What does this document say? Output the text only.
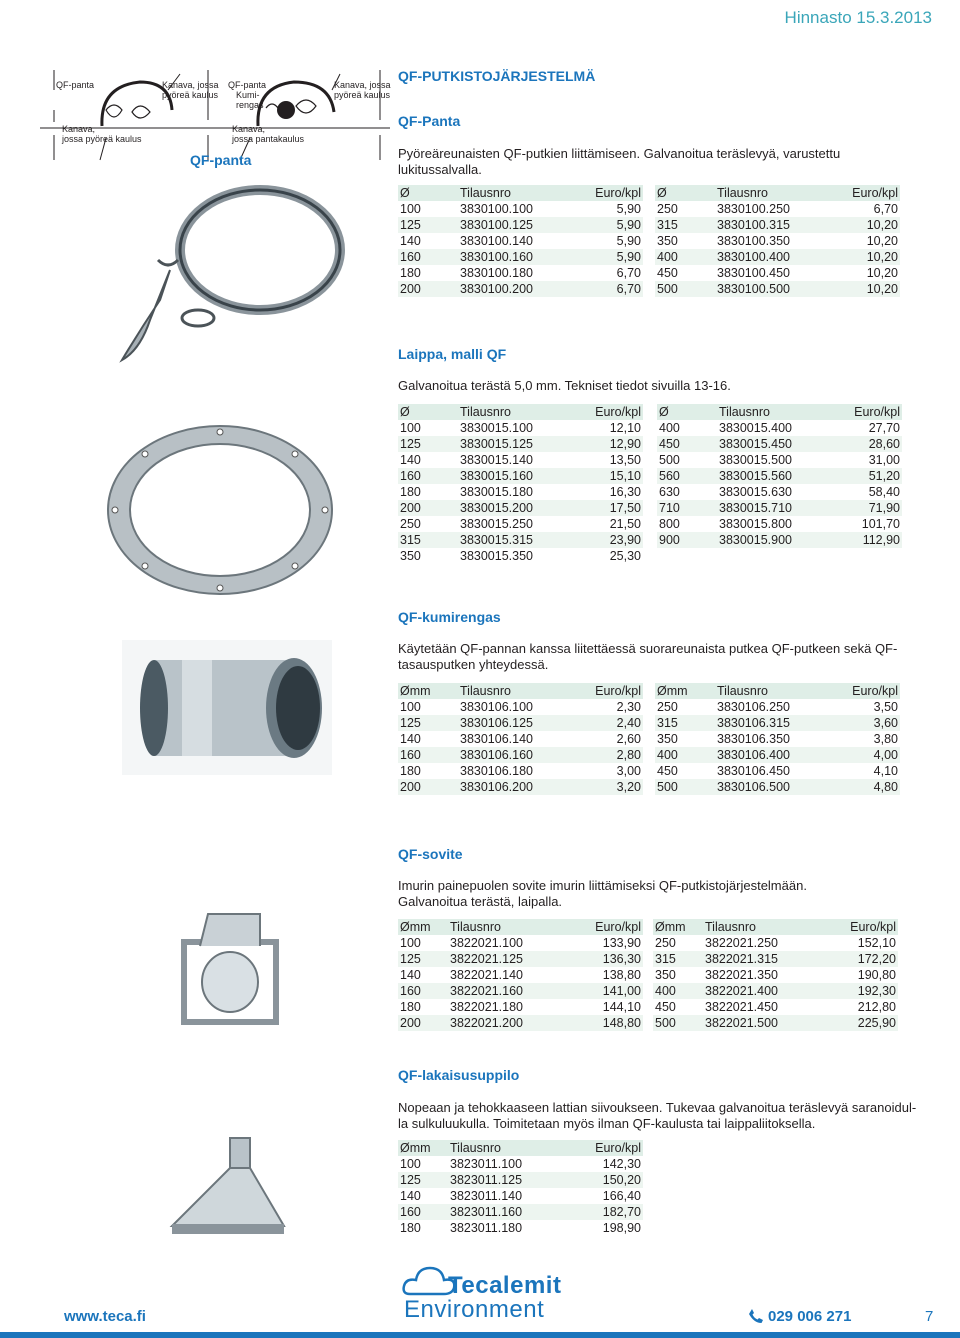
Hinnasto 15.3.2013
QF-panta	Kanava, jossa
pyöreä kaulus
QF-panta
Kumi-
rengas
Kanava, jossa
pyöreä kaulus
Kanava,
jossa pyöreä kaulus
Kanava,
jossa pantakaulus
QF-panta
QF-PUTKISTOJÄRJESTELMÄ
QF-Panta
Pyöreäreunaisten QF-putkien liittämiseen. Galvanoitua teräslevyä, varustettu lukitussalvalla.
Ø	Tilausnro	Euro/kpl
100	3830100.100	5,90
125	3830100.125	5,90
140	3830100.140	5,90
160	3830100.160	5,90
180	3830100.180	6,70
200	3830100.200	6,70
Ø	Tilausnro	Euro/kpl
250	3830100.250	6,70
315	3830100.315	10,20
350	3830100.350	10,20
400	3830100.400	10,20
450	3830100.450	10,20
500	3830100.500	10,20
Laippa, malli QF
Galvanoitua terästä 5,0 mm. Tekniset tiedot sivuilla 13-16.
Ø	Tilausnro	Euro/kpl
100	3830015.100	12,10
125	3830015.125	12,90
140	3830015.140	13,50
160	3830015.160	15,10
180	3830015.180	16,30
200	3830015.200	17,50
250	3830015.250	21,50
315	3830015.315	23,90
350	3830015.350	25,30
Ø	Tilausnro	Euro/kpl
400	3830015.400	27,70
450	3830015.450	28,60
500	3830015.500	31,00
560	3830015.560	51,20
630	3830015.630	58,40
710	3830015.710	71,90
800	3830015.800	101,70
900	3830015.900	112,90
QF-kumirengas
Käytetään QF-pannan kanssa liitettäessä suorareunaista putkea QF-putkeen sekä QF-
tasausputken yhteydessä.
Ømm	Tilausnro	Euro/kpl
100	3830106.100	2,30
125	3830106.125	2,40
140	3830106.140	2,60
160	3830106.160	2,80
180	3830106.180	3,00
200	3830106.200	3,20
Ømm	Tilausnro	Euro/kpl
250	3830106.250	3,50
315	3830106.315	3,60
350	3830106.350	3,80
400	3830106.400	4,00
450	3830106.450	4,10
500	3830106.500	4,80
QF-sovite
Imurin painepuolen sovite imurin liittämiseksi QF-putkistojärjestelmään.
Galvanoitua terästä, laipalla.
Ømm	Tilausnro	Euro/kpl
100	3822021.100	133,90
125	3822021.125	136,30
140	3822021.140	138,80
160	3822021.160	141,00
180	3822021.180	144,10
200	3822021.200	148,80
Ømm	Tilausnro	Euro/kpl
250	3822021.250	152,10
315	3822021.315	172,20
350	3822021.350	190,80
400	3822021.400	192,30
450	3822021.450	212,80
500	3822021.500	225,90
QF-lakaisusuppilo
Nopeaan ja tehokkaaseen lattian siivoukseen. Tukevaa galvanoitua teräslevyä saranoidul-
la sulkuluukulla. Toimitetaan myös ilman QF-kaulusta tai laippaliitoksella.
Ømm	Tilausnro	Euro/kpl
100	3823011.100	142,30
125	3823011.125	150,20
140	3823011.140	166,40
160	3823011.160	182,70
180	3823011.180	198,90
Tecalemit
Environment
www.teca.fi	029 006 271	7
